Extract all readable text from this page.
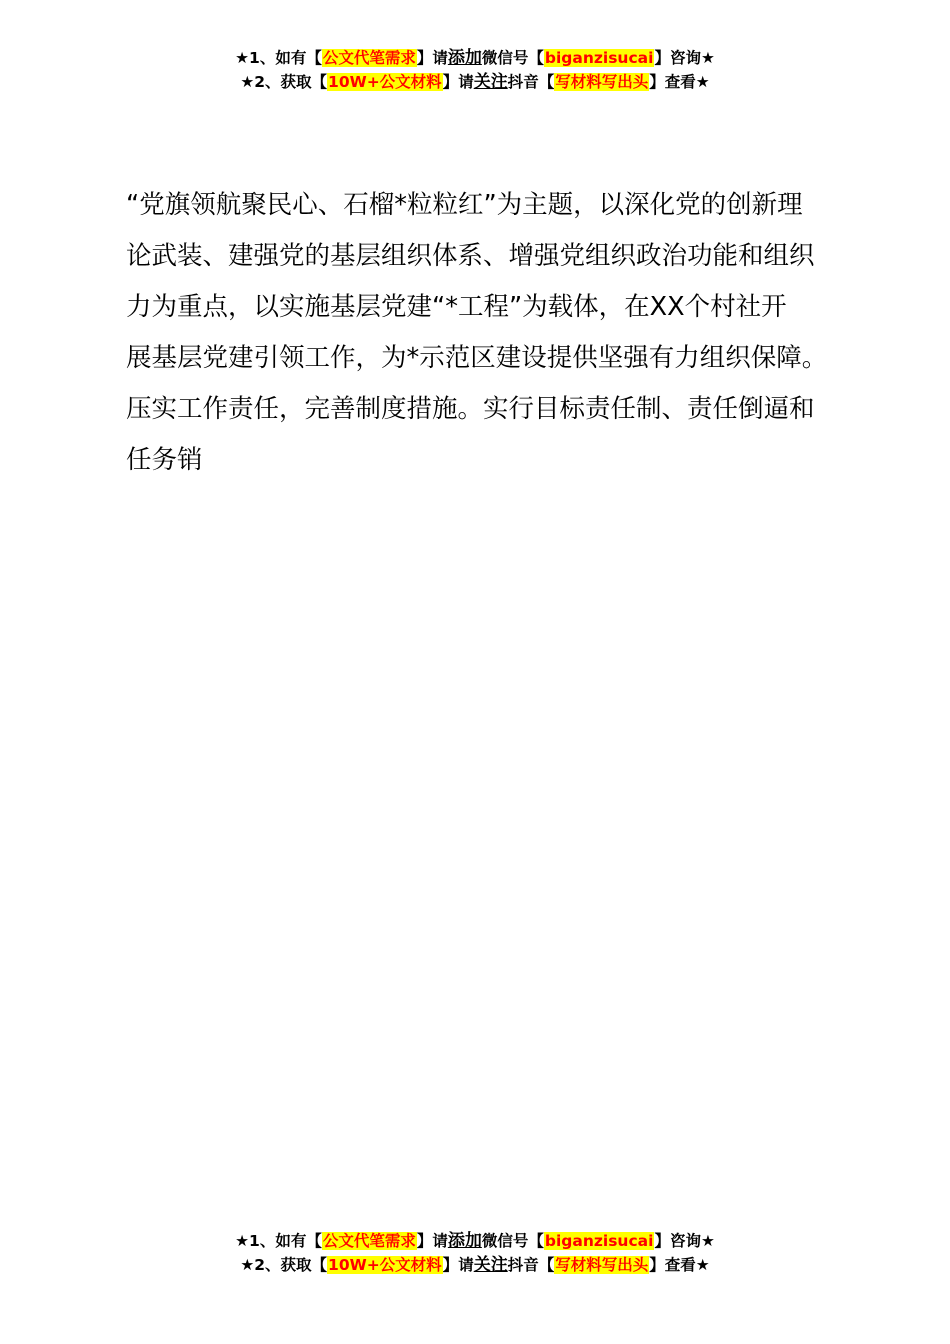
★1、如有【公文代笔需求】请添加微信号【biganzisucai】咨询★
★2、获取【10W+公文材料】请关注抖音【写材料写出头】查看★
“党旗领航聚民心、石榴*粒粒红”为主题，以深化党的创新理
论武装、建强党的基层组织体系、增强党组织政治功能和组织
力为重点，以实施基层党建“*工程”为载体，在XX个村社开
展基层党建引领工作，为*示范区建设提供坚强有力组织保障。
压实工作责任，完善制度措施。实行目标责任制、责任倒逼和
任务销
★1、如有【公文代笔需求】请添加微信号【biganzisucai】咨询★
★2、获取【10W+公文材料】请关注抖音【写材料写出头】查看★
